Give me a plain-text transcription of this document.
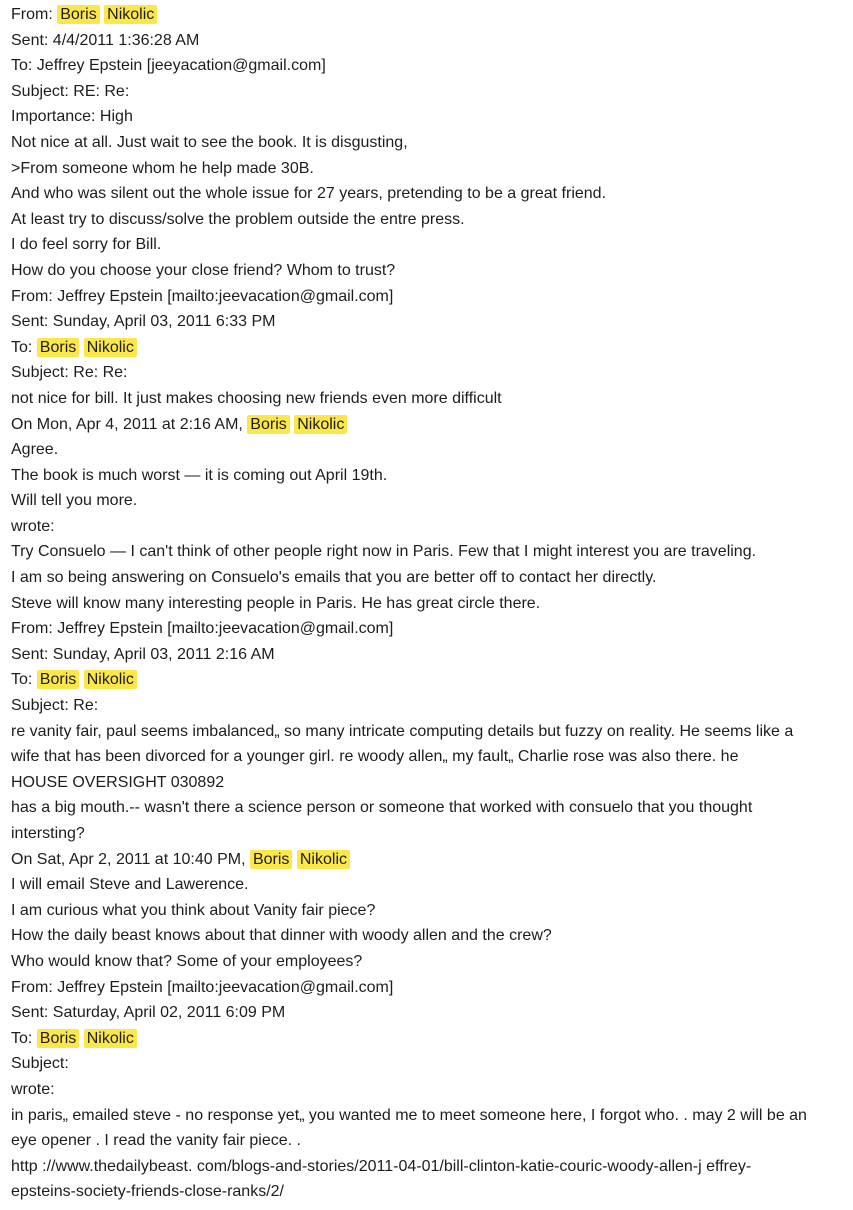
From: Boris Nikolic
Sent: 4/4/2011 1:36:28 AM
To: Jeffrey Epstein [jeeyacation@gmail.com]
Subject: RE: Re:
Importance: High
Not nice at all. Just wait to see the book. It is disgusting,
>From someone whom he help made 30B.
And who was silent out the whole issue for 27 years, pretending to be a great friend.
At least try to discuss/solve the problem outside the entre press.
I do feel sorry for Bill.
How do you choose your close friend? Whom to trust?
From: Jeffrey Epstein [mailto:jeevacation@gmail.com]
Sent: Sunday, April 03, 2011 6:33 PM
To: Boris Nikolic
Subject: Re: Re:
not nice for bill. It just makes choosing new friends even more difficult
On Mon, Apr 4, 2011 at 2:16 AM, Boris Nikolic
Agree.
The book is much worst — it is coming out April 19th.
Will tell you more.
wrote:
Try Consuelo — I can't think of other people right now in Paris. Few that I might interest you are traveling.
I am so being answering on Consuelo's emails that you are better off to contact her directly.
Steve will know many interesting people in Paris. He has great circle there.
From: Jeffrey Epstein [mailto:jeevacation@gmail.com]
Sent: Sunday, April 03, 2011 2:16 AM
To: Boris Nikolic
Subject: Re:
re vanity fair, paul seems imbalanced„ so many intricate computing details but fuzzy on reality. He seems like a wife that has been divorced for a younger girl. re woody allen„ my fault„ Charlie rose was also there. he
HOUSE OVERSIGHT 030892
has a big mouth.-- wasn't there a science person or someone that worked with consuelo that you thought intersting?
On Sat, Apr 2, 2011 at 10:40 PM, Boris Nikolic
I will email Steve and Lawerence.
I am curious what you think about Vanity fair piece?
How the daily beast knows about that dinner with woody allen and the crew?
Who would know that? Some of your employees?
From: Jeffrey Epstein [mailto:jeevacation@gmail.com]
Sent: Saturday, April 02, 2011 6:09 PM
To: Boris Nikolic
Subject:
wrote:
in paris„ emailed steve - no response yet„ you wanted me to meet someone here, I forgot who. . may 2 will be an eye opener . I read the vanity fair piece. .
http ://www.thedailybeast. com/blogs-and-stories/2011-04-01/bill-clinton-katie-couric-woody-allen-j effrey-epsteins-society-friends-close-ranks/2/
